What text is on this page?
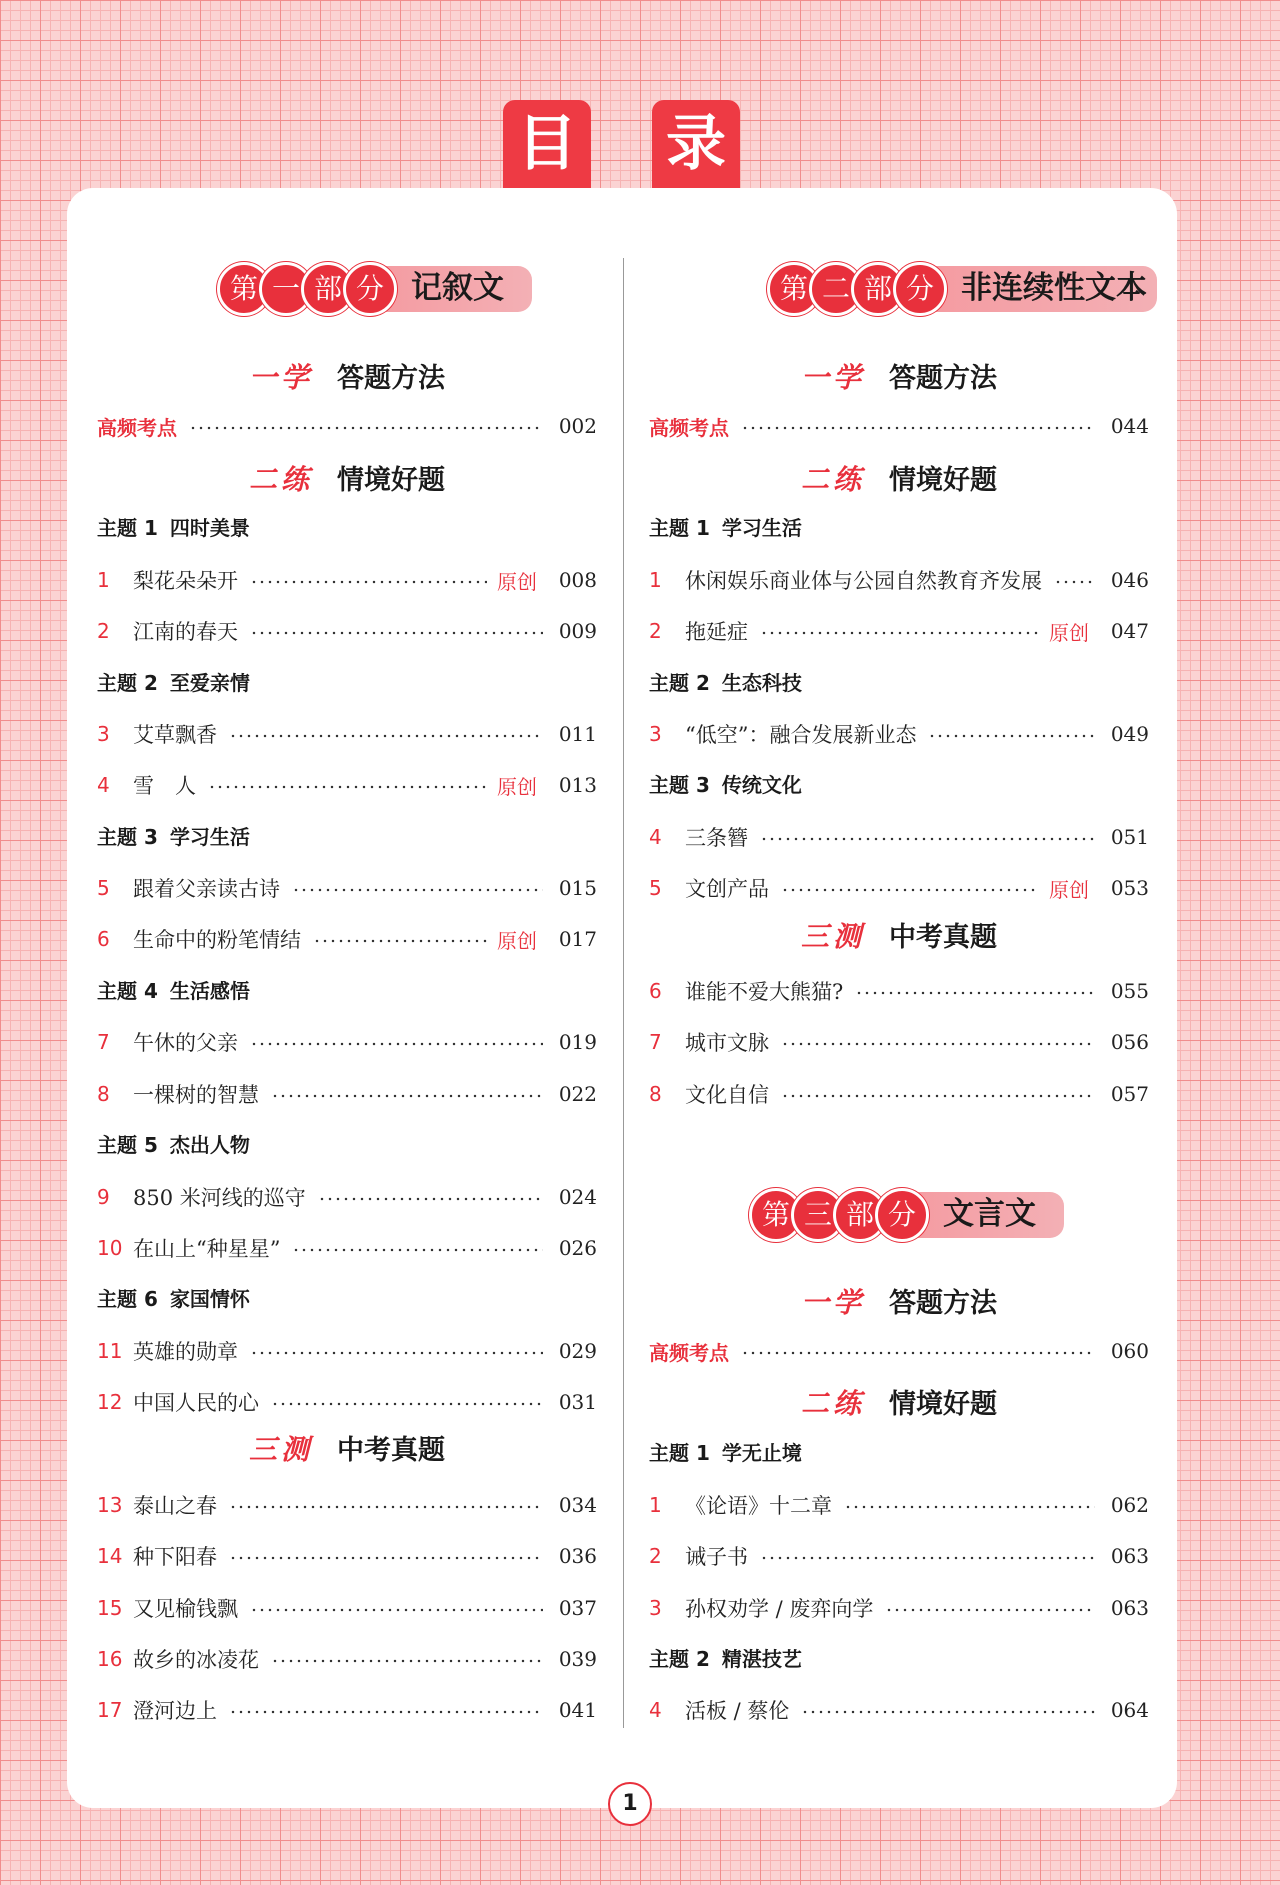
目 录
第 一 部 分 记叙文
一学 答题方法
高频考点	002
二练 情境好题
主题 1 四时美景
1	梨花朵朵开	原创	008
2	江南的春天	009
主题 2 至爱亲情
3	艾草飘香	011
4	雪　人	原创	013
主题 3 学习生活
5	跟着父亲读古诗	015
6	生命中的粉笔情结	原创	017
主题 4 生活感悟
7	午休的父亲	019
8	一棵树的智慧	022
主题 5 杰出人物
9	850 米河线的巡守	024
10 在山上“种星星”	026
主题 6 家国情怀
11 英雄的勋章	029
12 中国人民的心	031
三测 中考真题
13 泰山之春	034
14 种下阳春	036
15 又见榆钱飘	037
16 故乡的冰凌花	039
17 澄河边上	041
第 二 部 分 非连续性文本
一学 答题方法
高频考点	044
二练 情境好题
主题 1 学习生活
1	休闲娱乐商业体与公园自然教育齐发展	046
2	拖延症	原创	047
主题 2 生态科技
3	“低空”：融合发展新业态	049
主题 3 传统文化
4	三条簪	051
5	文创产品	原创	053
三测 中考真题
6	谁能不爱大熊猫?	055
7	城市文脉	056
8	文化自信	057
第 三 部 分 文言文
一学 答题方法
高频考点	060
二练 情境好题
主题 1 学无止境
1	《论语》十二章	062
2	诫子书	063
3	孙权劝学 / 废弈向学	063
主题 2 精湛技艺
4	活板 / 蔡伦	064
1
